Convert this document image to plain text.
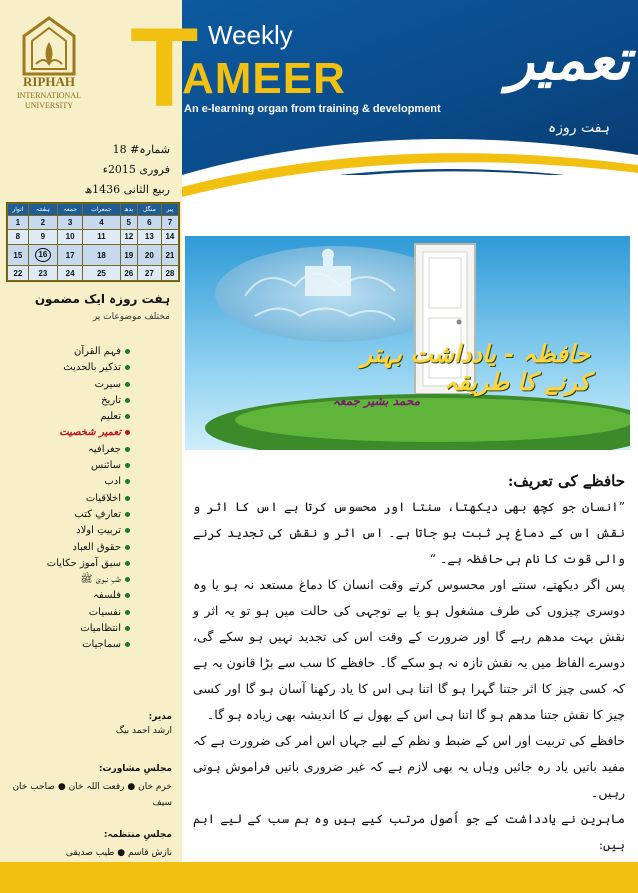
RIPHAH
INTERNATIONAL
UNIVERSITY T Weekly
AMEER
An e-learning organ from training & development
تعمیر
ہفت روزہ
شمارہ# 18
فروری 2015ء
ربیع الثانی 1436ھ
اتوار	ہفتہ	جمعہ	جمعرات	بدھ	منگل	پیر
1	2	3	4	5	6	7
8	9	10	11	12	13	14
15	16	17	18	19	20	21
22	23	24	25	26	27	28
ہفت روزہ ایک مضمون
مختلف موضوعات پر
فہم القرآن
تذکیر بالحدیث
سیرت
تاریخ
تعلیم
تعمیر شخصیت
جغرافیہ
سائنس
ادب
اخلاقیات
تعارفِ کتب
تربیتِ اولاد
حقوق العباد
سبق آموز حکایات
طبِ نبوی ﷺ
فلسفہ
نفسیات
انتظامیات
سماجیات
مدیر:
ارشد احمد بیگ
مجلسِ مشاورت:
خرم خان ● رفعت اللہ خان ● صاحب خان
سیف
مجلسِ منتظمہ:
نازش قاسم ● طیب صدیقی
حافظہ - یادداشت بہتر کرنے کا طریقہ
محمد بشیر جمعہ
حافظے کی تعریف:

”انسان جو کچھ بھی دیکھتا، سنتا اور محسوس کرتا ہے اس کا اثر و نقش اس کے دماغ پر ثبت ہو جاتا ہے۔ اس اثر و نقش کی تجدید کرنے والی قوت کا نام ہی حافظہ ہے۔ “

پس اگر دیکھتے، سنتے اور محسوس کرتے وقت انسان کا دماغ مستعد نہ ہو یا وہ دوسری چیزوں کی طرف مشغول ہو یا بے توجہی کی حالت میں ہو تو یہ اثر و نقش بہت مدھم رہے گا اور ضرورت کے وقت اس کی تجدید نہیں ہو سکے گی، دوسرے الفاظ میں یہ نقش تازہ نہ ہو سکے گا۔ حافظے کا سب سے بڑا قانون یہ ہے کہ کسی چیز کا اثر جتنا گہرا ہو گا اتنا ہی اس کا یاد رکھنا آسان ہو گا اور کسی چیز کا نقش جتنا مدھم ہو گا اتنا ہی اس کے بھول نے کا اندیشہ بھی زیادہ ہو گا۔

حافظے کی تربیت اور اس کے ضبط و نظم کے لیے جہاں اس امر کی ضرورت ہے کہ مفید باتیں یاد رہ جائیں وہاں یہ بھی لازم ہے کہ غیر ضروری باتیں فراموش ہوتی رہیں۔

ماہرین نے یادداشت کے جو اُصول مرتب کیے ہیں وہ ہم سب کے لیے اہم ہیں:
